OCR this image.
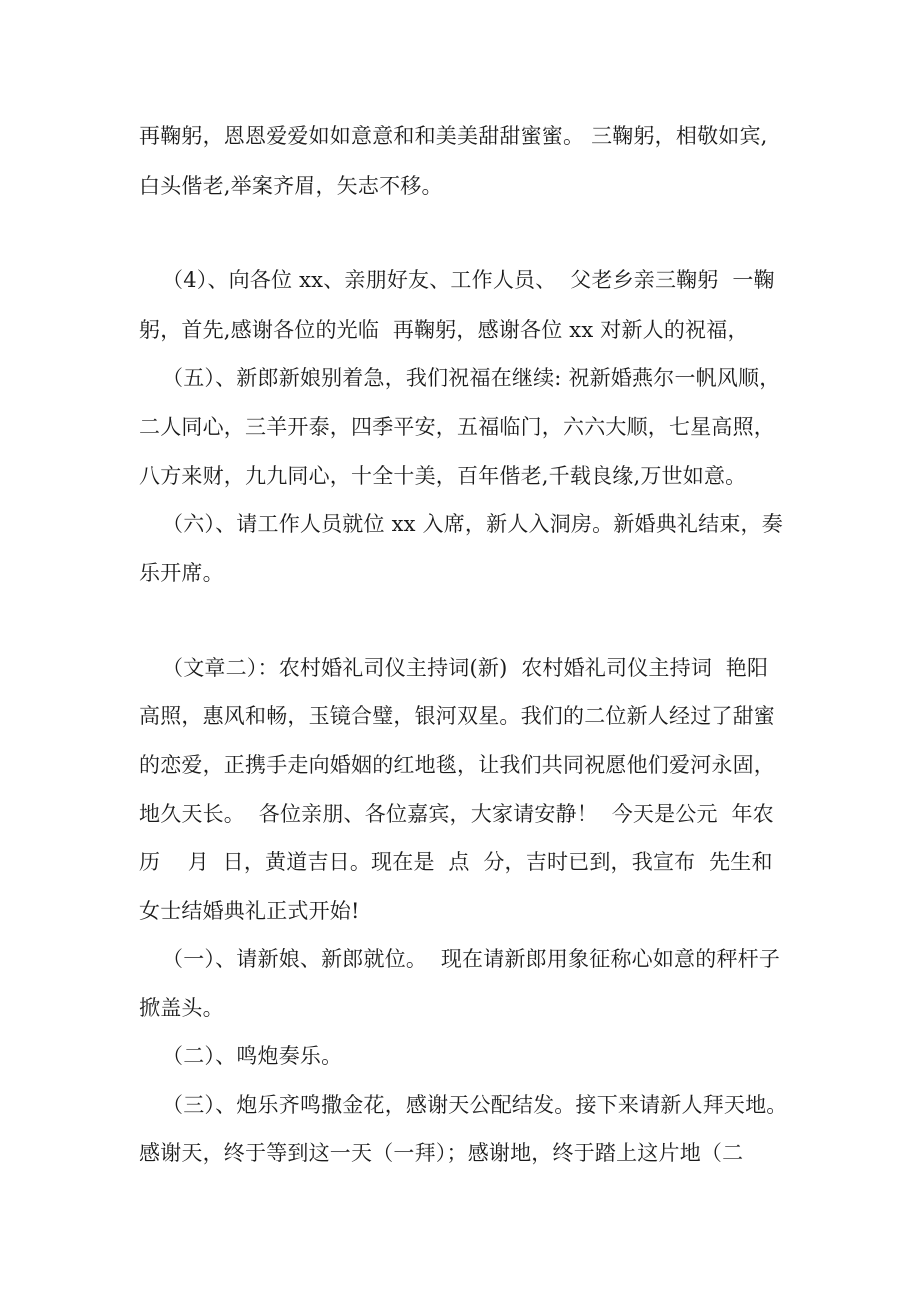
再鞠躬，恩恩爱爱如如意意和和美美甜甜蜜蜜。 三鞠躬，相敬如宾,
白头偕老,举案齐眉，矢志不移。
（4）、向各位 xx、亲朋好友、工作人员、  父老乡亲三鞠躬  一鞠
躬，首先,感谢各位的光临  再鞠躬，感谢各位 xx 对新人的祝福，
（五）、新郎新娘别着急，我们祝福在继续: 祝新婚燕尔一帆风顺，
二人同心，三羊开泰，四季平安，五福临门，六六大顺，七星高照，
八方来财，九九同心，十全十美，百年偕老,千载良缘,万世如意。
（六）、请工作人员就位 xx 入席，新人入洞房。新婚典礼结束，奏
乐开席。
（文章二）：农村婚礼司仪主持词(新)  农村婚礼司仪主持词  艳阳
高照，惠风和畅，玉镜合璧，银河双星。我们的二位新人经过了甜蜜
的恋爱，正携手走向婚姻的红地毯，让我们共同祝愿他们爱河永固，
地久天长。  各位亲朋、各位嘉宾，大家请安静！  今天是公元  年农
历    月  日，黄道吉日。现在是  点  分，吉时已到，我宣布  先生和
女士结婚典礼正式开始!
（一）、请新娘、新郎就位。  现在请新郎用象征称心如意的秤杆子
掀盖头。
（二）、鸣炮奏乐。
（三）、炮乐齐鸣撒金花，感谢天公配结发。接下来请新人拜天地。
感谢天，终于等到这一天（一拜）；感谢地，终于踏上这片地（二
